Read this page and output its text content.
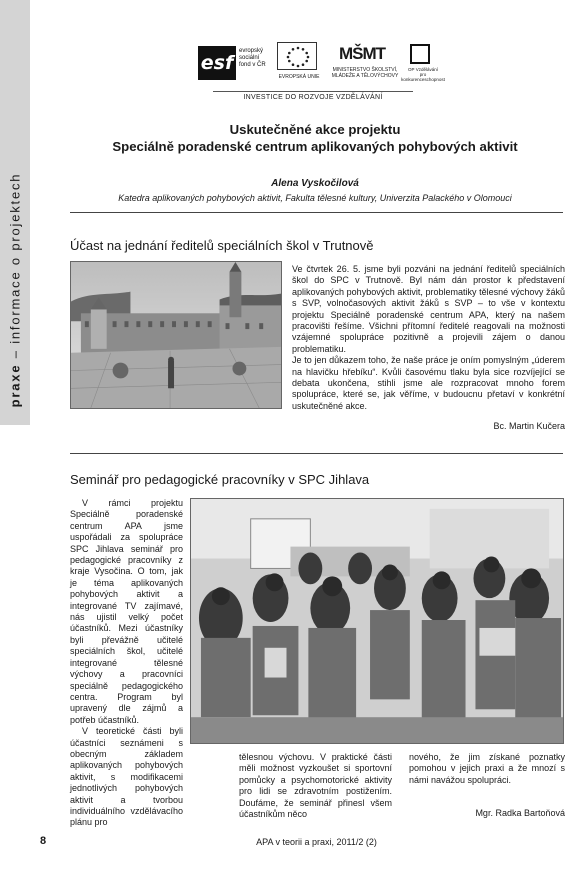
praxe – informace o projektech
esf
evropský
sociální
fond v ČR
EVROPSKÁ UNIE
MŠMT
MINISTERSTVO ŠKOLSTVÍ,
MLÁDEŽE A TĚLOVÝCHOVY
OP Vzdělávání
pro konkurenceschopnost
INVESTICE DO ROZVOJE VZDĚLÁVÁNÍ
Uskutečněné akce projektu
Speciálně poradenské centrum aplikovaných pohybových aktivit
Alena Vyskočilová
Katedra aplikovaných pohybových aktivit, Fakulta tělesné kultury, Univerzita Palackého v Olomouci
Účast na jednání ředitelů speciálních škol v Trutnově
Ve čtvrtek 26. 5. jsme byli pozváni na jednání ředitelů speciálních škol do SPC v Trutnově. Byl nám dán prostor k představení aplikovaných pohybových aktivit, problematiky tělesné výchovy žáků s SVP, volnočasových aktivit žáků s SVP – to vše v kontextu projektu Speciálně poradenské centrum APA, který na našem pracovišti řešíme. Všichni přítomní ředitelé reagovali na možnosti vzájemné spolupráce pozitivně a projevili zájem o danou problematiku.
Je to jen důkazem toho, že naše práce je oním pomyslným „úderem na hlavičku hřebíku“. Kvůli časovému tlaku byla sice rozvíjející se debata ukončena, stihli jsme ale rozpracovat mnoho forem spolupráce, které se, jak věříme, v budoucnu přetaví v konkrétní uskutečněné akce.
Bc. Martin Kučera
Seminář pro pedagogické pracovníky v SPC Jihlava
V rámci projektu Speciálně poradenské centrum APA jsme uspořádali za spolupráce SPC Jihlava seminář pro pedagogické pracovníky z kraje Vysočina. O tom, jak je téma aplikovaných pohybových aktivit a integrované TV zajímavé, nás ujistil velký počet účastníků. Mezi účastníky byli převážně učitelé speciálních škol, učitelé integrované tělesné výchovy a pracovníci speciálně pedagogického centra. Program byl upravený dle zájmů a potřeb účastníků.
V teoretické části byli účastníci seznámeni s obecným základem aplikovaných pohybových aktivit, s modifikacemi jednotlivých pohybových aktivit a tvorbou individuálního vzdělávacího plánu pro
tělesnou výchovu. V praktické části měli možnost vyzkoušet si sportovní pomůcky a psychomotorické aktivity pro lidi se zdravotním postižením. Doufáme, že seminář přinesl všem účastníkům něco
nového, že jim získané poznatky pomohou v jejich praxi a že mnozí s námi navážou spolupráci.
Mgr. Radka Bartoňová
8	APA v teorii a praxi, 2011/2 (2)
